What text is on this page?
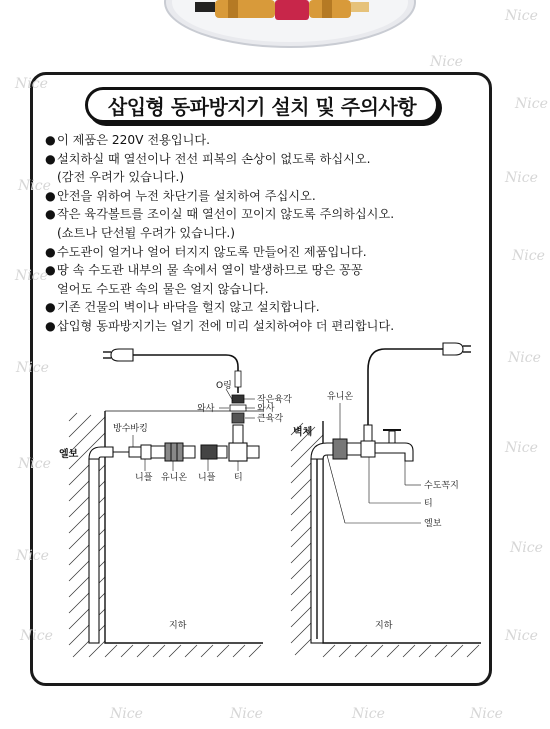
삽입형 동파방지기 설치 및 주의사항
● 이 제품은 220V 전용입니다.
● 설치하실 때 열선이나 전선 피복의 손상이 없도록 하십시오.
(감전 우려가 있습니다.)
● 안전을 위하여 누전 차단기를 설치하여 주십시오.
● 작은 육각볼트를 조이실 때 열선이 꼬이지 않도록 주의하십시오.
(쇼트나 단선될 우려가 있습니다.)
● 수도관이 얼거나 얼어 터지지 않도록 만들어진 제품입니다.
● 땅 속 수도관 내부의 물 속에서 열이 발생하므로 땅은 꽁꽁
얼어도 수도관 속의 물은 얼지 않습니다.
● 기존 건물의 벽이나 바닥을 헐지 않고 설치합니다.
● 삽입형 동파방지기는 얼기 전에 미리 설치하여야 더 편리합니다.
O링
작은육각
와사	와사
큰육각
방수바킹
엘보
니플 유니온 니플 티
지하
유니온
벽체
수도꼭지
티
엘보
지하
Nice
Nice
Nice
Nice
Nice
Nice
Nice
Nice
Nice
Nice
Nice
Nice
Nice
Nice
Nice
Nice
Nice	Nice	Nice	Nice
